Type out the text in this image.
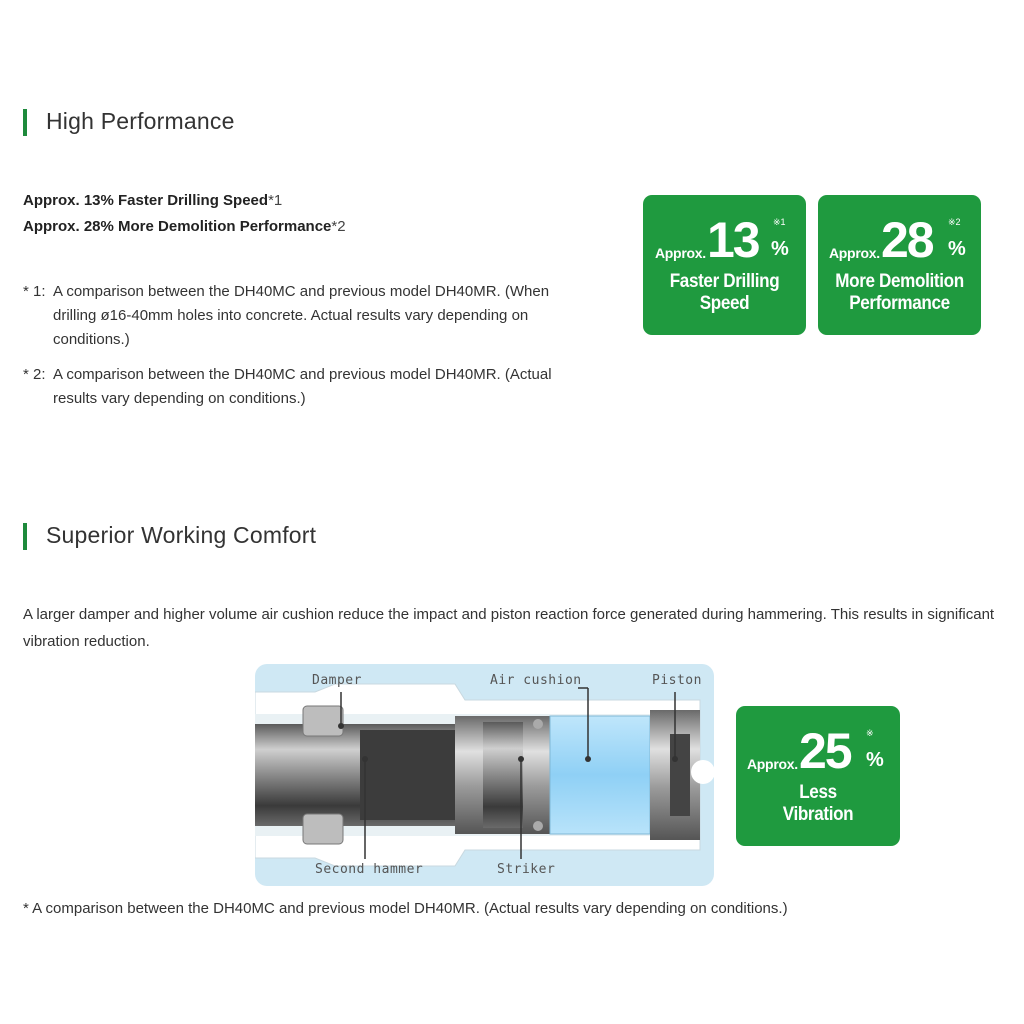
High Performance
Approx. 13% Faster Drilling Speed*1
Approx. 28% More Demolition Performance*2
* 1: A comparison between the DH40MC and previous model DH40MR. (When drilling ø16-40mm holes into concrete. Actual results vary depending on conditions.)
* 2: A comparison between the DH40MC and previous model DH40MR. (Actual results vary depending on conditions.)
Approx. 13 ※1
%
Faster Drilling
Speed
Approx. 28 ※2
%
More Demolition
Performance
Superior Working Comfort
A larger damper and higher volume air cushion reduce the impact and piston reaction force generated during hammering. This results in significant vibration reduction.
Damper	Air cushion	Piston
Second hammer	Striker
Approx. 25 ※
%
Less
Vibration
* A comparison between the DH40MC and previous model DH40MR. (Actual results vary depending on conditions.)
